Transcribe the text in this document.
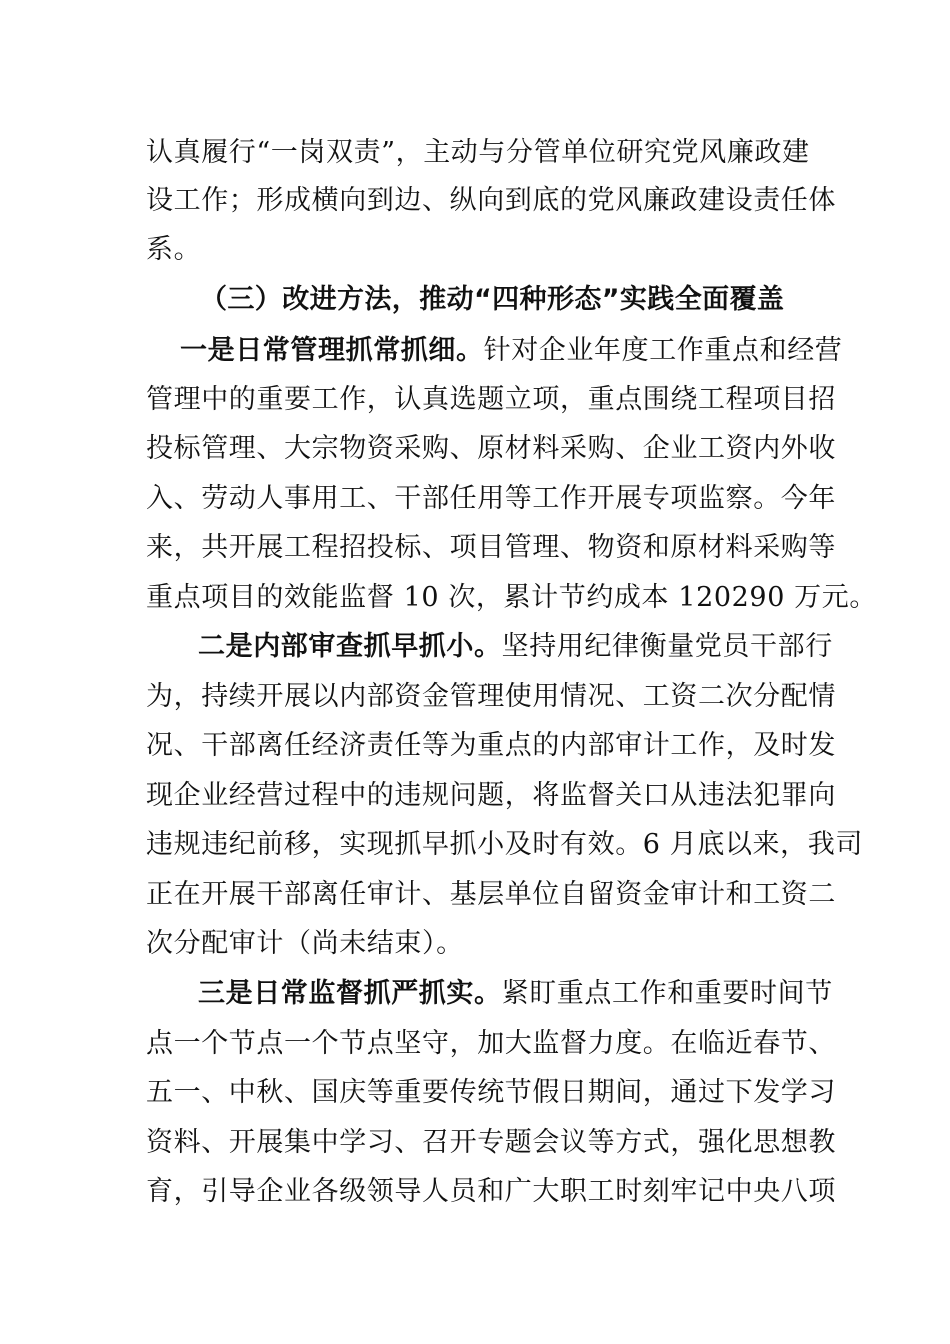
认真履行“一岗双责”，主动与分管单位研究党风廉政建
设工作；形成横向到边、纵向到底的党风廉政建设责任体
系。
（三）改进方法，推动“四种形态”实践全面覆盖
一是日常管理抓常抓细。针对企业年度工作重点和经营
管理中的重要工作，认真选题立项，重点围绕工程项目招
投标管理、大宗物资采购、原材料采购、企业工资内外收
入、劳动人事用工、干部任用等工作开展专项监察。今年
来，共开展工程招投标、项目管理、物资和原材料采购等
重点项目的效能监督 10 次，累计节约成本 120290 万元。
二是内部审查抓早抓小。坚持用纪律衡量党员干部行
为，持续开展以内部资金管理使用情况、工资二次分配情
况、干部离任经济责任等为重点的内部审计工作，及时发
现企业经营过程中的违规问题，将监督关口从违法犯罪向
违规违纪前移，实现抓早抓小及时有效。6 月底以来，我司
正在开展干部离任审计、基层单位自留资金审计和工资二
次分配审计（尚未结束）。
三是日常监督抓严抓实。紧盯重点工作和重要时间节
点一个节点一个节点坚守，加大监督力度。在临近春节、
五一、中秋、国庆等重要传统节假日期间，通过下发学习
资料、开展集中学习、召开专题会议等方式，强化思想教
育，引导企业各级领导人员和广大职工时刻牢记中央八项
